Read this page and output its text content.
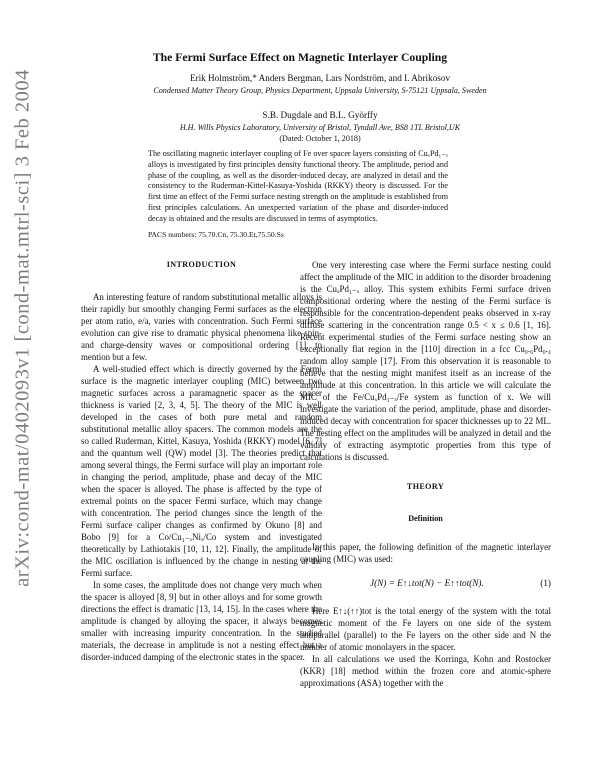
arXiv:cond-mat/0402093v1 [cond-mat.mtrl-sci] 3 Feb 2004
The Fermi Surface Effect on Magnetic Interlayer Coupling
Erik Holmström,* Anders Bergman, Lars Nordström, and I. Abrikosov
Condensed Matter Theory Group, Physics Department, Uppsala University, S-75121 Uppsala, Sweden
S.B. Dugdale and B.L. Györffy
H.H. Wills Physics Laboratory, University of Bristol, Tyndall Ave, BS8 1TL Bristol,UK
(Dated: October 1, 2018)
The oscillating magnetic interlayer coupling of Fe over spacer layers consisting of CuₓPd₁₋ₓ alloys is investigated by first principles density functional theory. The amplitude, period and phase of the coupling, as well as the disorder-induced decay, are analyzed in detail and the consistency to the Ruderman-Kittel-Kasuya-Yoshida (RKKY) theory is discussed. For the first time an effect of the Fermi surface nesting strength on the amplitude is established from first principles calculations. An unexpected variation of the phase and disorder-induced decay is obtained and the results are discussed in terms of asymptotics.
PACS numbers: 75.70.Cn, 75.30.Et,75.50.Ss
INTRODUCTION

An interesting feature of random substitutional metallic alloys is their rapidly but smoothly changing Fermi surfaces as the electron per atom ratio, e/a, varies with concentration. Such Fermi surface evolution can give rise to dramatic physical phenomena like spin- and charge-density waves or compositional ordering [1], to mention but a few.

A well-studied effect which is directly governed by the Fermi surface is the magnetic interlayer coupling (MIC) between two magnetic surfaces across a paramagnetic spacer as the spacer thickness is varied [2, 3, 4, 5]. The theory of the MIC is well developed in the cases of both pure metal and random substitutional metallic alloy spacers. The common models are the so called Ruderman, Kittel, Kasuya, Yoshida (RKKY) model [6, 7] and the quantum well (QW) model [3]. The theories predict that among several things, the Fermi surface will play an important role in changing the period, amplitude, phase and decay of the MIC when the spacer is alloyed. The phase is affected by the type of extremal points on the spacer Fermi surface, which may change with concentration. The period changes since the length of the Fermi surface caliper changes as confirmed by Okuno [8] and Bobo [9] for a Co/Cu₁₋ₓNiₓ/Co system and investigated theoretically by Lathiotakis [10, 11, 12]. Finally, the amplitude of the MIC oscillation is influenced by the change in nesting at the Fermi surface.

In some cases, the amplitude does not change very much when the spacer is alloyed [8, 9] but in other alloys and for some growth directions the effect is dramatic [13, 14, 15]. In the cases where the amplitude is changed by alloying the spacer, it always becomes smaller with increasing impurity concentration. In the studied materials, the decrease in amplitude is not a nesting effect but a disorder-induced damping of the electronic states in the spacer.

One very interesting case where the Fermi surface nesting could affect the amplitude of the MIC in addition to the disorder broadening is the CuₓPd₁₋ₓ alloy. This system exhibits Fermi surface driven compositional ordering where the nesting of the Fermi surface is responsible for the concentration-dependent peaks observed in x-ray diffuse scattering in the concentration range 0.5 < x ≤ 0.6 [1, 16]. Recent experimental studies of the Fermi surface nesting show an exceptionally flat region in the [110] direction in a fcc Cu₀.₆Pd₀.₄ random alloy sample [17]. From this observation it is reasonable to believe that the nesting might manifest itself as an increase of the amplitude at this concentration. In this article we will calculate the MIC of the Fe/CuₓPd₁₋ₓ/Fe system as function of x. We will investigate the variation of the period, amplitude, phase and disorder-induced decay with concentration for spacer thicknesses up to 22 ML. The nesting effect on the amplitudes will be analyzed in detail and the validity of extracting asymptotic properties from this type of calculations is discussed.

THEORY
Definition

In this paper, the following definition of the magnetic interlayer coupling (MIC) was used:

J(N) = E↑↓tot(N) − E↑↑tot(N).	(1)

Here E↑↓(↑↑)tot is the total energy of the system with the total magnetic moment of the Fe layers on one side of the system antiparallel (parallel) to the Fe layers on the other side and N the number of atomic monolayers in the spacer.

In all calculations we used the Korringa, Kohn and Rostocker (KKR) [18] method within the frozen core and atomic-sphere approximations (ASA) together with the
